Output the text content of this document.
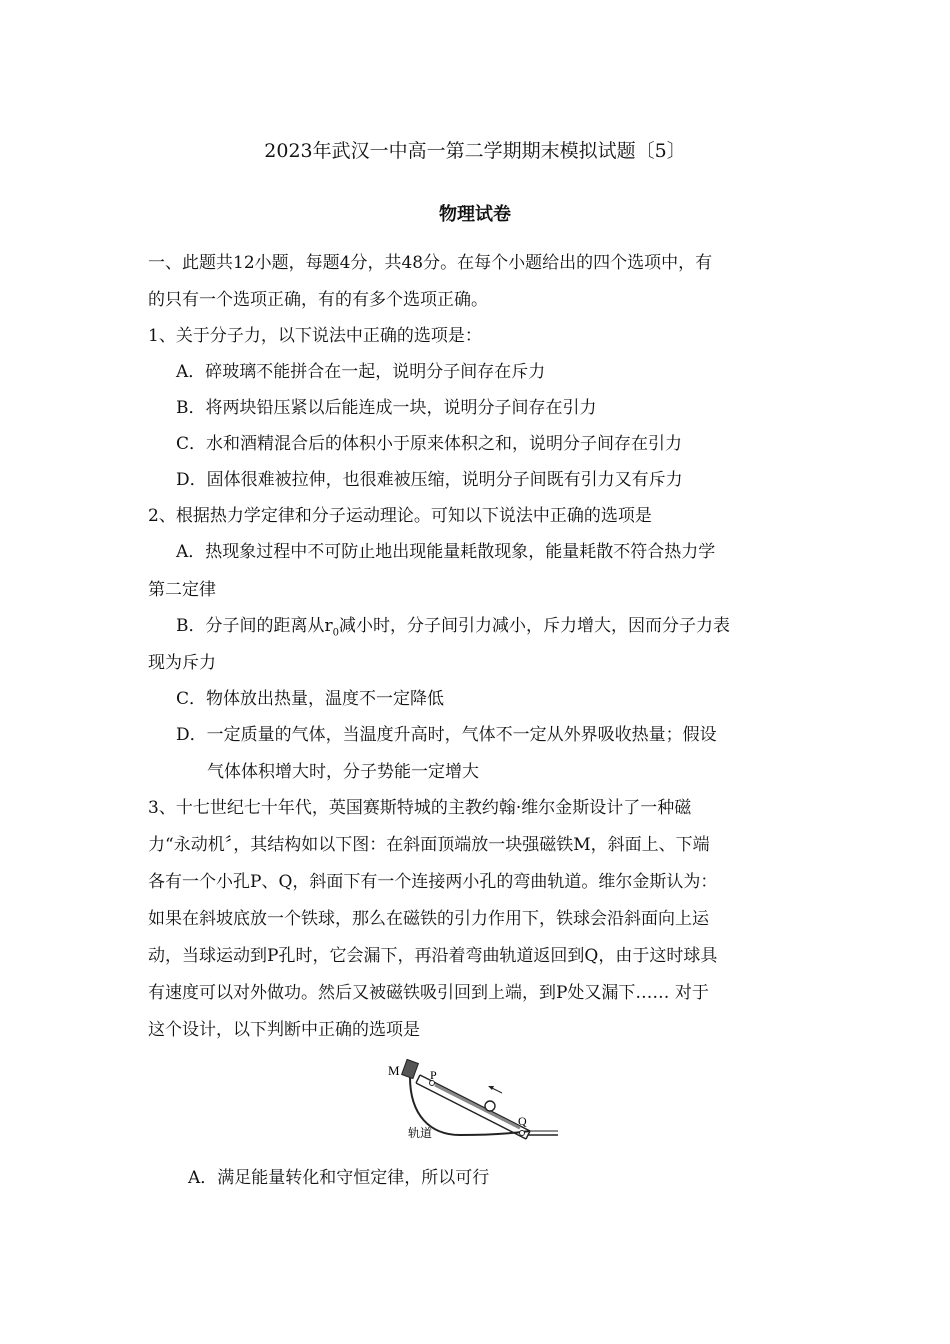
2023年武汉一中高一第二学期期末模拟试题〔5〕
物理试卷
一、此题共12小题，每题4分，共48分。在每个小题给出的四个选项中，有
的只有一个选项正确，有的有多个选项正确。
1、关于分子力，以下说法中正确的选项是：
A．碎玻璃不能拼合在一起，说明分子间存在斥力
B．将两块铅压紧以后能连成一块，说明分子间存在引力
C．水和酒精混合后的体积小于原来体积之和，说明分子间存在引力
D．固体很难被拉伸，也很难被压缩，说明分子间既有引力又有斥力
2、根据热力学定律和分子运动理论。可知以下说法中正确的选项是
A．热现象过程中不可防止地出现能量耗散现象，能量耗散不符合热力学
第二定律
B．分子间的距离从$r_0$减小时，分子间引力减小，斥力增大，因而分子力表
现为斥力
C．物体放出热量，温度不一定降低
D．一定质量的气体，当温度升高时，气体不一定从外界吸收热量；假设
气体体积增大时，分子势能一定增大
3、十七世纪七十年代，英国赛斯特城的主教约翰·维尔金斯设计了一种磁
力“永动机〞，其结构如以下图：在斜面顶端放一块强磁铁M，斜面上、下端
各有一个小孔P、Q，斜面下有一个连接两小孔的弯曲轨道。维尔金斯认为：
如果在斜坡底放一个铁球，那么在磁铁的引力作用下，铁球会沿斜面向上运
动，当球运动到P孔时，它会漏下，再沿着弯曲轨道返回到Q，由于这时球具
有速度可以对外做功。然后又被磁铁吸引回到上端，到P处又漏下…… 对于
这个设计，以下判断中正确的选项是
M	P
Q
轨道
A．满足能量转化和守恒定律，所以可行
